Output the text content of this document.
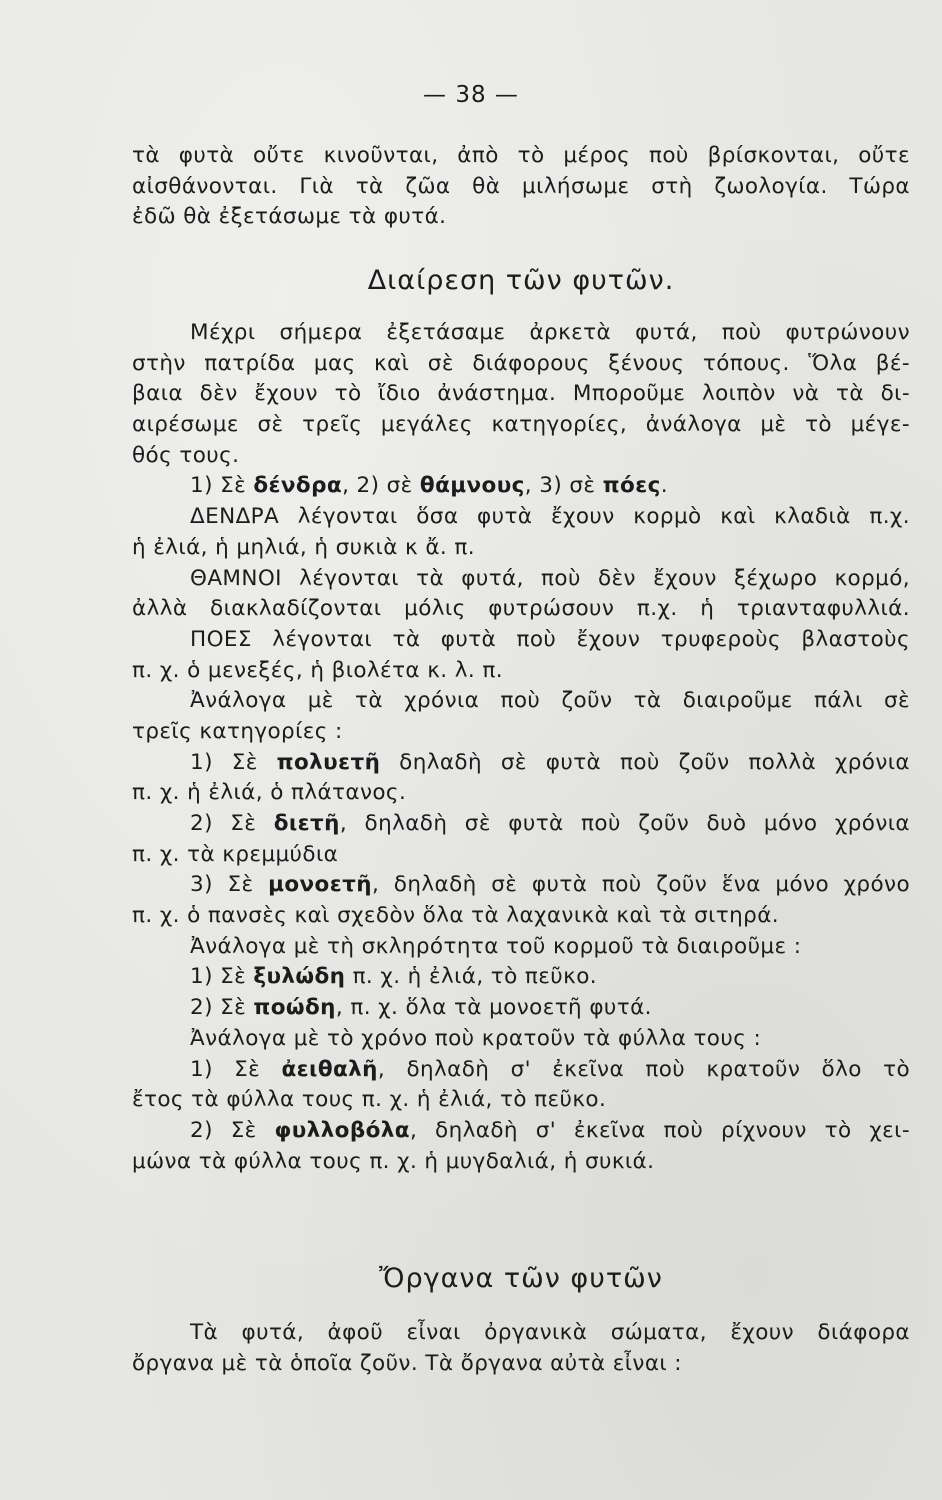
— 38 —
τὰ φυτὰ οὔτε κινοῦνται, ἀπὸ τὸ μέρος ποὺ βρίσκονται, οὔτε
αἰσθάνονται. Γιὰ τὰ ζῶα θὰ μιλήσωμε στὴ ζωολογία. Τώρα
ἐδῶ θὰ ἐξετάσωμε τὰ φυτά.
Διαίρεση τῶν φυτῶν.
Μέχρι σήμερα ἐξετάσαμε ἀρκετὰ φυτά, ποὺ φυτρώνουν
στὴν πατρίδα μας καὶ σὲ διάφορους ξένους τόπους. Ὅλα βέ-
βαια δὲν ἔχουν τὸ ἴδιο ἀνάστημα. Μποροῦμε λοιπὸν νὰ τὰ δι-
αιρέσωμε σὲ τρεῖς μεγάλες κατηγορίες, ἀνάλογα μὲ τὸ μέγε-
θός τους.
1) Σὲ δένδρα, 2) σὲ θάμνους, 3) σὲ πόες.
ΔΕΝΔΡΑ λέγονται ὅσα φυτὰ ἔχουν κορμὸ καὶ κλαδιὰ π.χ.
ἡ ἐλιά, ἡ μηλιά, ἡ συκιὰ κ ἄ. π.
ΘΑΜΝΟΙ λέγονται τὰ φυτά, ποὺ δὲν ἔχουν ξέχωρο κορμό,
ἀλλὰ διακλαδίζονται μόλις φυτρώσουν π.χ. ἡ τριανταφυλλιά.
ΠΟΕΣ λέγονται τὰ φυτὰ ποὺ ἔχουν τρυφεροὺς βλαστοὺς
π. χ. ὁ μενεξές, ἡ βιολέτα κ. λ. π.
Ἀνάλογα μὲ τὰ χρόνια ποὺ ζοῦν τὰ διαιροῦμε πάλι σὲ
τρεῖς κατηγορίες :
1) Σὲ πολυετῆ δηλαδὴ σὲ φυτὰ ποὺ ζοῦν πολλὰ χρόνια
π. χ. ἡ ἐλιά, ὁ πλάτανος.
2) Σὲ διετῆ, δηλαδὴ σὲ φυτὰ ποὺ ζοῦν δυὸ μόνο χρόνια
π. χ. τὰ κρεμμύδια
3) Σὲ μονοετῆ, δηλαδὴ σὲ φυτὰ ποὺ ζοῦν ἕνα μόνο χρόνο
π. χ. ὁ πανσὲς καὶ σχεδὸν ὅλα τὰ λαχανικὰ καὶ τὰ σιτηρά.
Ἀνάλογα μὲ τὴ σκληρότητα τοῦ κορμοῦ τὰ διαιροῦμε :
1) Σὲ ξυλώδη π. χ. ἡ ἐλιά, τὸ πεῦκο.
2) Σὲ ποώδη, π. χ. ὅλα τὰ μονοετῆ φυτά.
Ἀνάλογα μὲ τὸ χρόνο ποὺ κρατοῦν τὰ φύλλα τους :
1) Σὲ ἀειθαλῆ, δηλαδὴ σ' ἐκεῖνα ποὺ κρατοῦν ὅλο τὸ
ἔτος τὰ φύλλα τους π. χ. ἡ ἐλιά, τὸ πεῦκο.
2) Σὲ φυλλοβόλα, δηλαδὴ σ' ἐκεῖνα ποὺ ρίχνουν τὸ χει-
μώνα τὰ φύλλα τους π. χ. ἡ μυγδαλιά, ἡ συκιά.
Ὄργανα τῶν φυτῶν
Τὰ φυτά, ἀφοῦ εἶναι ὀργανικὰ σώματα, ἔχουν διάφορα
ὄργανα μὲ τὰ ὁποῖα ζοῦν. Τὰ ὄργανα αὐτὰ εἶναι :
